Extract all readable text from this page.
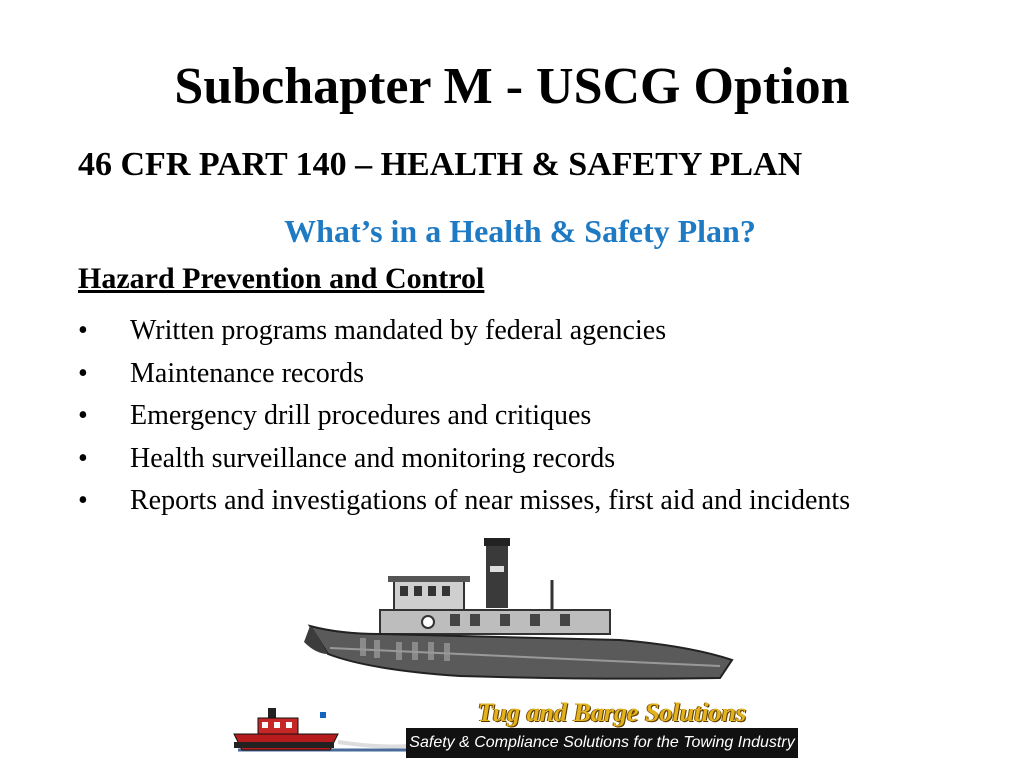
Subchapter M - USCG Option
46 CFR PART 140 – HEALTH & SAFETY PLAN
What’s in a Health & Safety Plan?
Hazard Prevention and Control
• Written programs mandated by federal agencies
• Maintenance records
• Emergency drill procedures and critiques
• Health surveillance and monitoring records
• Reports and investigations of near misses, first aid and incidents
Tug and Barge Solutions
Safety & Compliance Solutions for the Towing Industry
